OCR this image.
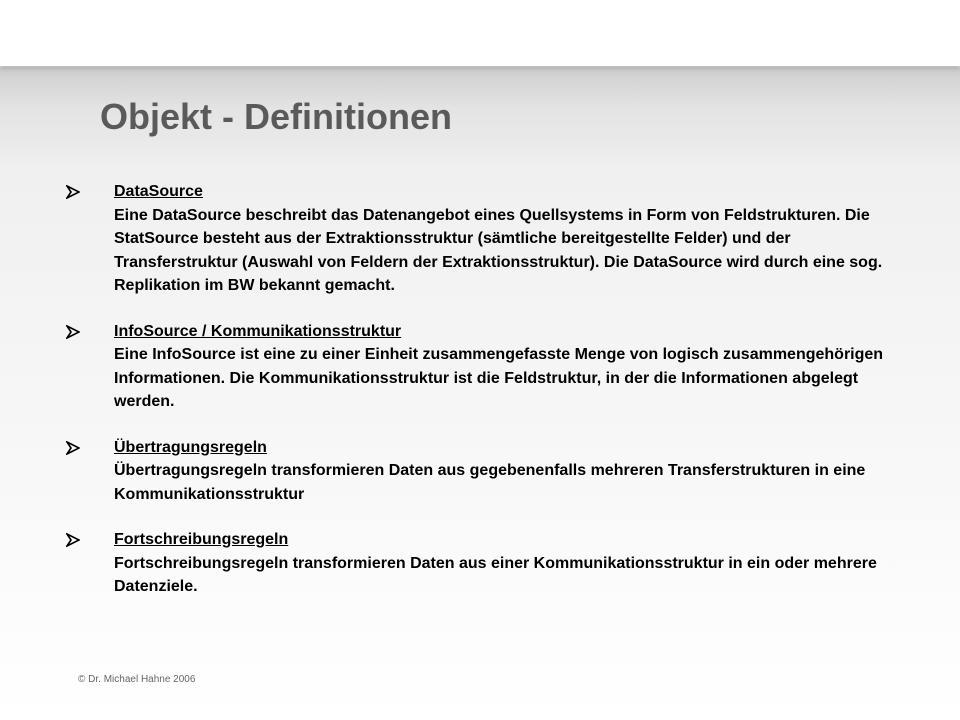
Objekt - Definitionen
DataSource
Eine DataSource beschreibt das Datenangebot eines Quellsystems in Form von Feldstrukturen. Die StatSource besteht aus der Extraktionsstruktur (sämtliche bereitgestellte Felder) und der Transferstruktur (Auswahl von Feldern der Extraktionsstruktur). Die DataSource wird durch eine sog. Replikation im BW bekannt gemacht.
InfoSource / Kommunikationsstruktur
Eine InfoSource ist eine zu einer Einheit zusammengefasste Menge von logisch zusammengehörigen Informationen. Die Kommunikationsstruktur ist die Feldstruktur, in der die Informationen abgelegt werden.
Übertragungsregeln
Übertragungsregeln transformieren Daten aus gegebenenfalls mehreren Transferstrukturen in eine Kommunikationsstruktur
Fortschreibungsregeln
Fortschreibungsregeln transformieren Daten aus einer Kommunikationsstruktur in ein oder mehrere Datenziele.
© Dr. Michael Hahne 2006
